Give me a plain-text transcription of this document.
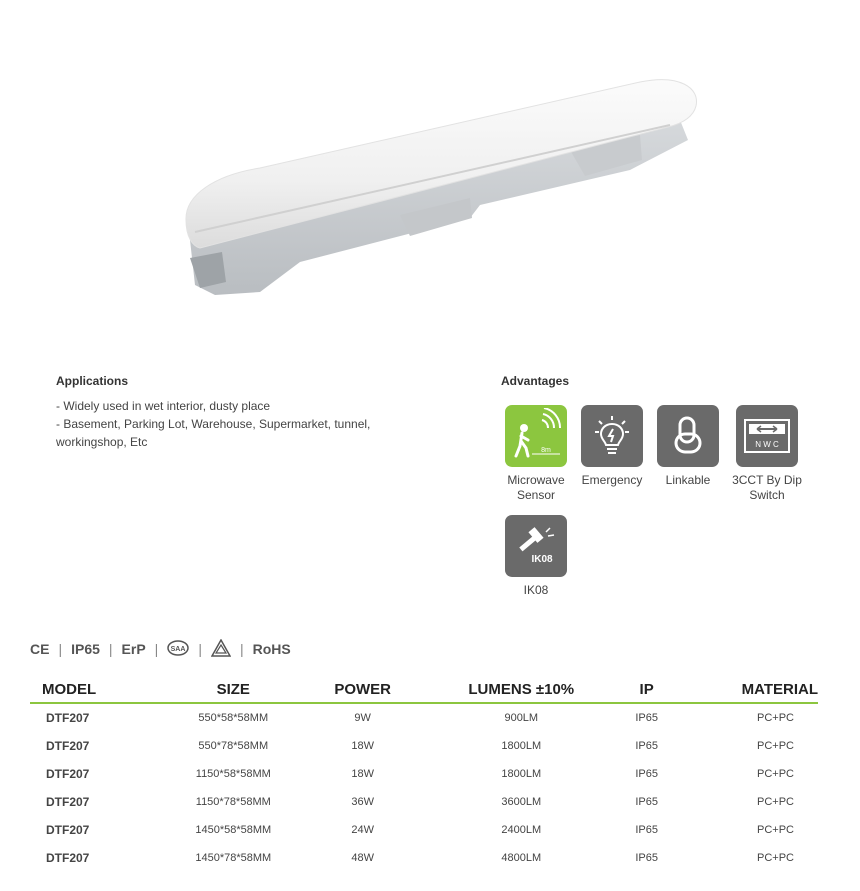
Applications
- Widely used in wet interior, dusty place
- Basement, Parking Lot, Warehouse, Supermarket, tunnel, workingshop, Etc
Advantages
8m
Microwave Sensor
Emergency	Linkable
N W C
3CCT By Dip Switch
IK08
IK08
CE | IP65 | ErP | SAA |	| RoHS
MODEL	SIZE	POWER	LUMENS ±10%	IP	MATERIAL
DTF207	550*58*58MM	9W	900LM	IP65	PC+PC
DTF207	550*78*58MM	18W	1800LM	IP65	PC+PC
DTF207	1150*58*58MM	18W	1800LM	IP65	PC+PC
DTF207	1150*78*58MM	36W	3600LM	IP65	PC+PC
DTF207	1450*58*58MM	24W	2400LM	IP65	PC+PC
DTF207	1450*78*58MM	48W	4800LM	IP65	PC+PC
